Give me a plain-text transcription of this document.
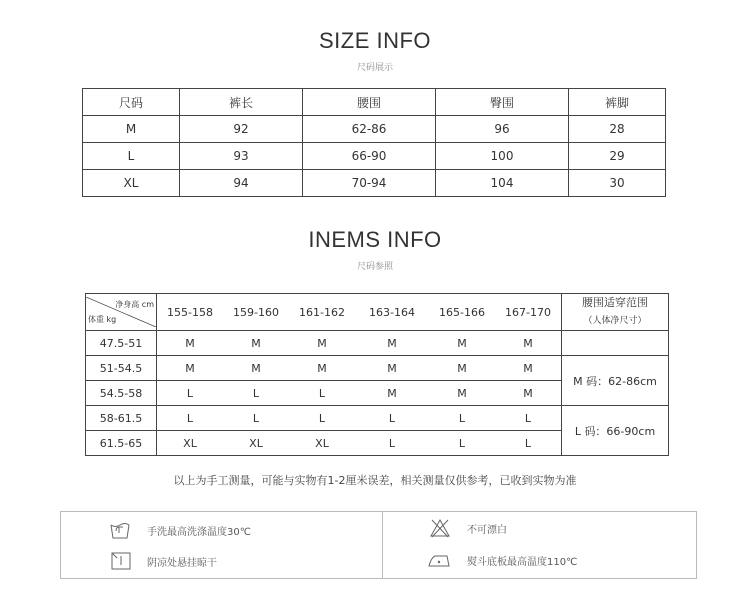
SIZE INFO
尺码展示
尺码	裤长	腰围	臀围	裤脚
M	92	62-86	96	28
L	93	66-90	100	29
XL	94	70-94	104	30
INEMS INFO
尺码参照
净身高 cm
体重 kg	155-158	159-160	161-162	163-164	165-166	167-170	腰围适穿范围
（人体净尺寸）

47.5-51	M	M	M	M	M	M	
51-54.5	M	M	M	M	M	M	M 码：62-86cm
54.5-58	L	L	L	M	M	M	
58-61.5	L	L	L	L	L	L	L 码：66-90cm
61.5-65	XL	XL	XL	L	L	L	
以上为手工测量，可能与实物有1-2厘米误差，相关测量仅供参考，已收到实物为准
手洗最高洗涤温度30℃
阴凉处悬挂晾干
不可漂白
熨斗底板最高温度110℃
